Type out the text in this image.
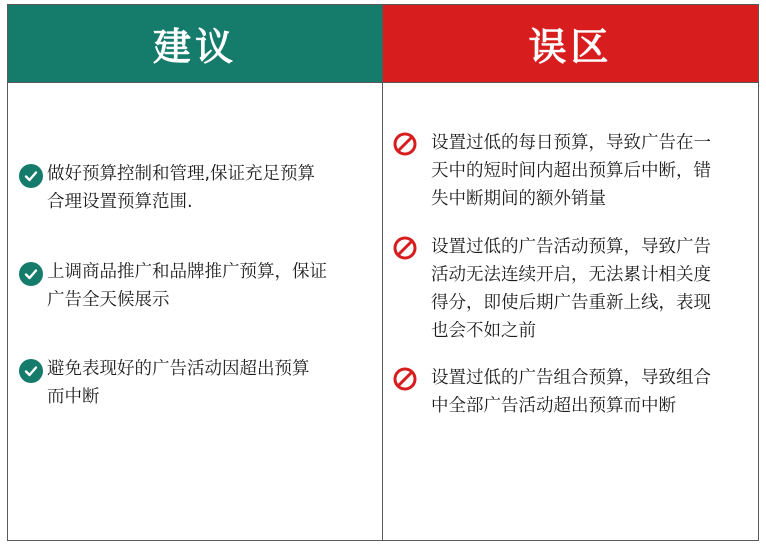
建议	误区
做好预算控制和管理,保证充足预算
合理设置预算范围.
上调商品推广和品牌推广预算，保证
广告全天候展示
避免表现好的广告活动因超出预算
而中断
设置过低的每日预算，导致广告在一
天中的短时间内超出预算后中断，错
失中断期间的额外销量
设置过低的广告活动预算，导致广告
活动无法连续开启，无法累计相关度
得分，即使后期广告重新上线，表现
也会不如之前
设置过低的广告组合预算，导致组合
中全部广告活动超出预算而中断
